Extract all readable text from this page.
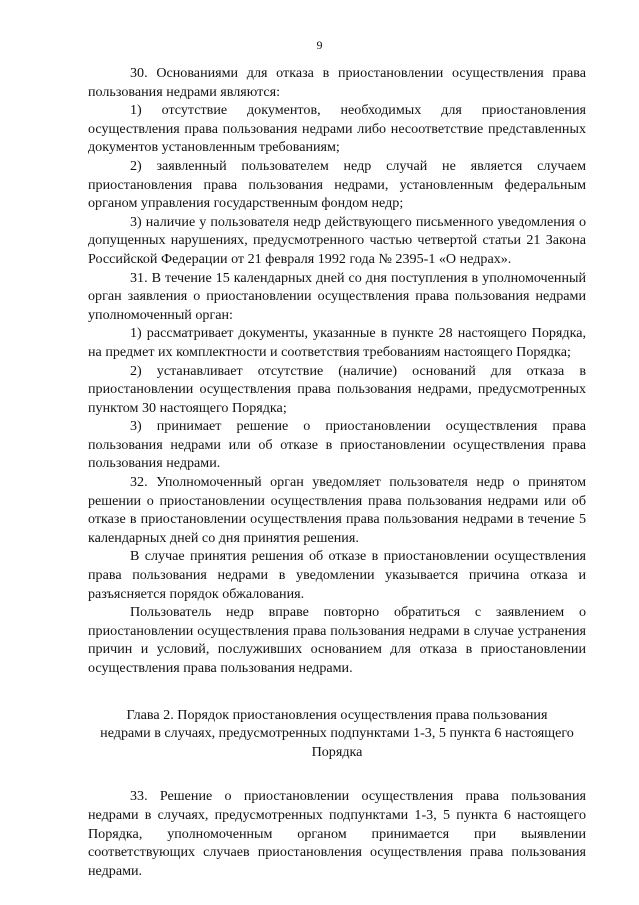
9

30. Основаниями для отказа в приостановлении осуществления права пользования недрами являются:

1) отсутствие документов, необходимых для приостановления осуществления права пользования недрами либо несоответствие представленных документов установленным требованиям;

2) заявленный пользователем недр случай не является случаем приостановления права пользования недрами, установленным федеральным органом управления государственным фондом недр;

3) наличие у пользователя недр действующего письменного уведомления о допущенных нарушениях, предусмотренного частью четвертой статьи 21 Закона Российской Федерации от 21 февраля 1992 года № 2395-1 «О недрах».

31. В течение 15 календарных дней со дня поступления в уполномоченный орган заявления о приостановлении осуществления права пользования недрами уполномоченный орган:

1) рассматривает документы, указанные в пункте 28 настоящего Порядка, на предмет их комплектности и соответствия требованиям настоящего Порядка;

2) устанавливает отсутствие (наличие) оснований для отказа в приостановлении осуществления права пользования недрами, предусмотренных пунктом 30 настоящего Порядка;

3) принимает решение о приостановлении осуществления права пользования недрами или об отказе в приостановлении осуществления права пользования недрами.

32. Уполномоченный орган уведомляет пользователя недр о принятом решении о приостановлении осуществления права пользования недрами или об отказе в приостановлении осуществления права пользования недрами в течение 5 календарных дней со дня принятия решения.

В случае принятия решения об отказе в приостановлении осуществления права пользования недрами в уведомлении указывается причина отказа и разъясняется порядок обжалования.

Пользователь недр вправе повторно обратиться с заявлением о приостановлении осуществления права пользования недрами в случае устранения причин и условий, послуживших основанием для отказа в приостановлении осуществления права пользования недрами.

Глава 2. Порядок приостановления осуществления права пользования недрами в случаях, предусмотренных подпунктами 1-3, 5 пункта 6 настоящего Порядка

33. Решение о приостановлении осуществления права пользования недрами в случаях, предусмотренных подпунктами 1-3, 5 пункта 6 настоящего Порядка, уполномоченным органом принимается при выявлении соответствующих случаев приостановления осуществления права пользования недрами.
